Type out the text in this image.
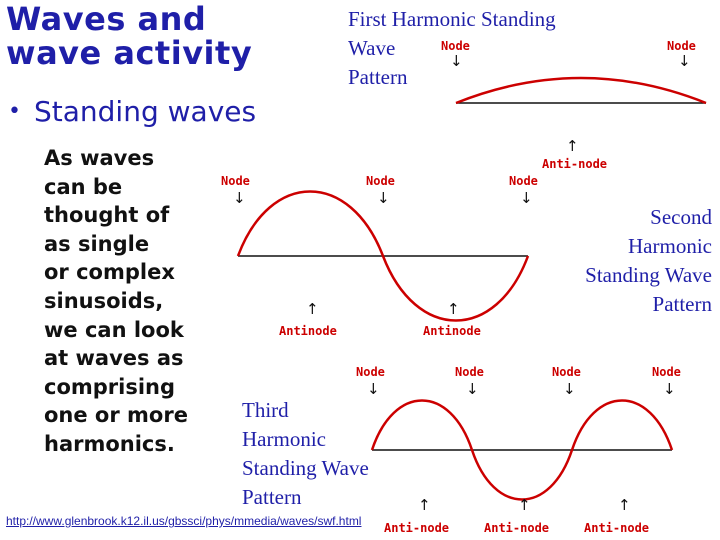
Waves and
wave activity
• Standing waves
As waves
can be
thought of
as single
or complex
sinusoids,
we can look
at waves as
comprising
one or more
harmonics.
First Harmonic Standing
Wave
Pattern
Second
Harmonic
Standing Wave
Pattern
Third
Harmonic
Standing Wave
Pattern
Node
↓
Node
↓
Node
↓
Node
↓
Node
↓
↑
Anti-node
↑
Antinode
↑
Antinode
Node
↓
Node
↓
Node
↓
Node
↓
↑
Anti-node
↑
Anti-node
↑
Anti-node
http://www.glenbrook.k12.il.us/gbssci/phys/mmedia/waves/swf.html
